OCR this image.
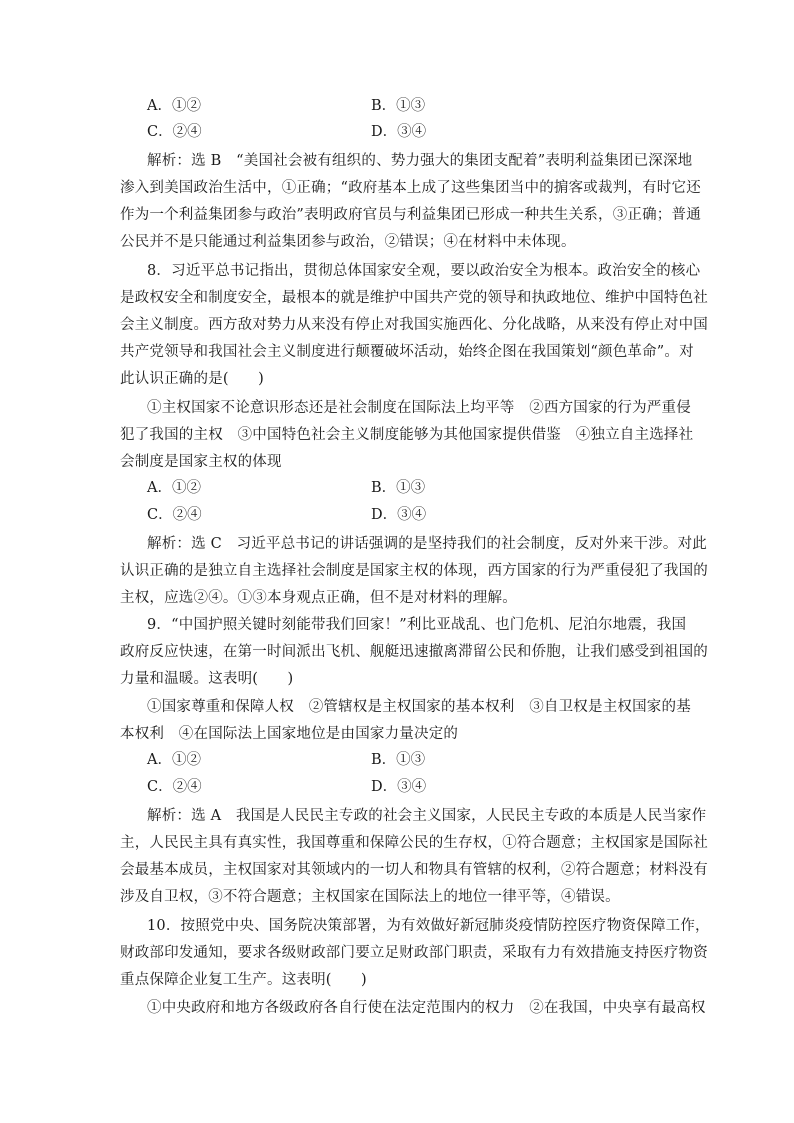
A．①②	B．①③
C．②④	D．③④
解析：选 B　“美国社会被有组织的、势力强大的集团支配着”表明利益集团已深深地
渗入到美国政治生活中，①正确；“政府基本上成了这些集团当中的掮客或裁判，有时它还
作为一个利益集团参与政治”表明政府官员与利益集团已形成一种共生关系，③正确；普通
公民并不是只能通过利益集团参与政治，②错误；④在材料中未体现。
8．习近平总书记指出，贯彻总体国家安全观，要以政治安全为根本。政治安全的核心
是政权安全和制度安全，最根本的就是维护中国共产党的领导和执政地位、维护中国特色社
会主义制度。西方敌对势力从来没有停止对我国实施西化、分化战略，从来没有停止对中国
共产党领导和我国社会主义制度进行颠覆破坏活动，始终企图在我国策划“颜色革命”。对
此认识正确的是(　　)
①主权国家不论意识形态还是社会制度在国际法上均平等　②西方国家的行为严重侵
犯了我国的主权　③中国特色社会主义制度能够为其他国家提供借鉴　④独立自主选择社
会制度是国家主权的体现
A．①②	B．①③
C．②④	D．③④
解析：选 C　习近平总书记的讲话强调的是坚持我们的社会制度，反对外来干涉。对此
认识正确的是独立自主选择社会制度是国家主权的体现，西方国家的行为严重侵犯了我国的
主权，应选②④。①③本身观点正确，但不是对材料的理解。
9．“中国护照关键时刻能带我们回家！”利比亚战乱、也门危机、尼泊尔地震，我国
政府反应快速，在第一时间派出飞机、舰艇迅速撤离滞留公民和侨胞，让我们感受到祖国的
力量和温暖。这表明(　　)
①国家尊重和保障人权　②管辖权是主权国家的基本权利　③自卫权是主权国家的基
本权利　④在国际法上国家地位是由国家力量决定的
A．①②	B．①③
C．②④	D．③④
解析：选 A　我国是人民民主专政的社会主义国家，人民民主专政的本质是人民当家作
主，人民民主具有真实性，我国尊重和保障公民的生存权，①符合题意；主权国家是国际社
会最基本成员，主权国家对其领域内的一切人和物具有管辖的权利，②符合题意；材料没有
涉及自卫权，③不符合题意；主权国家在国际法上的地位一律平等，④错误。
10．按照党中央、国务院决策部署，为有效做好新冠肺炎疫情防控医疗物资保障工作，
财政部印发通知，要求各级财政部门要立足财政部门职责，采取有力有效措施支持医疗物资
重点保障企业复工生产。这表明(　　)
①中央政府和地方各级政府各自行使在法定范围内的权力　②在我国，中央享有最高权
